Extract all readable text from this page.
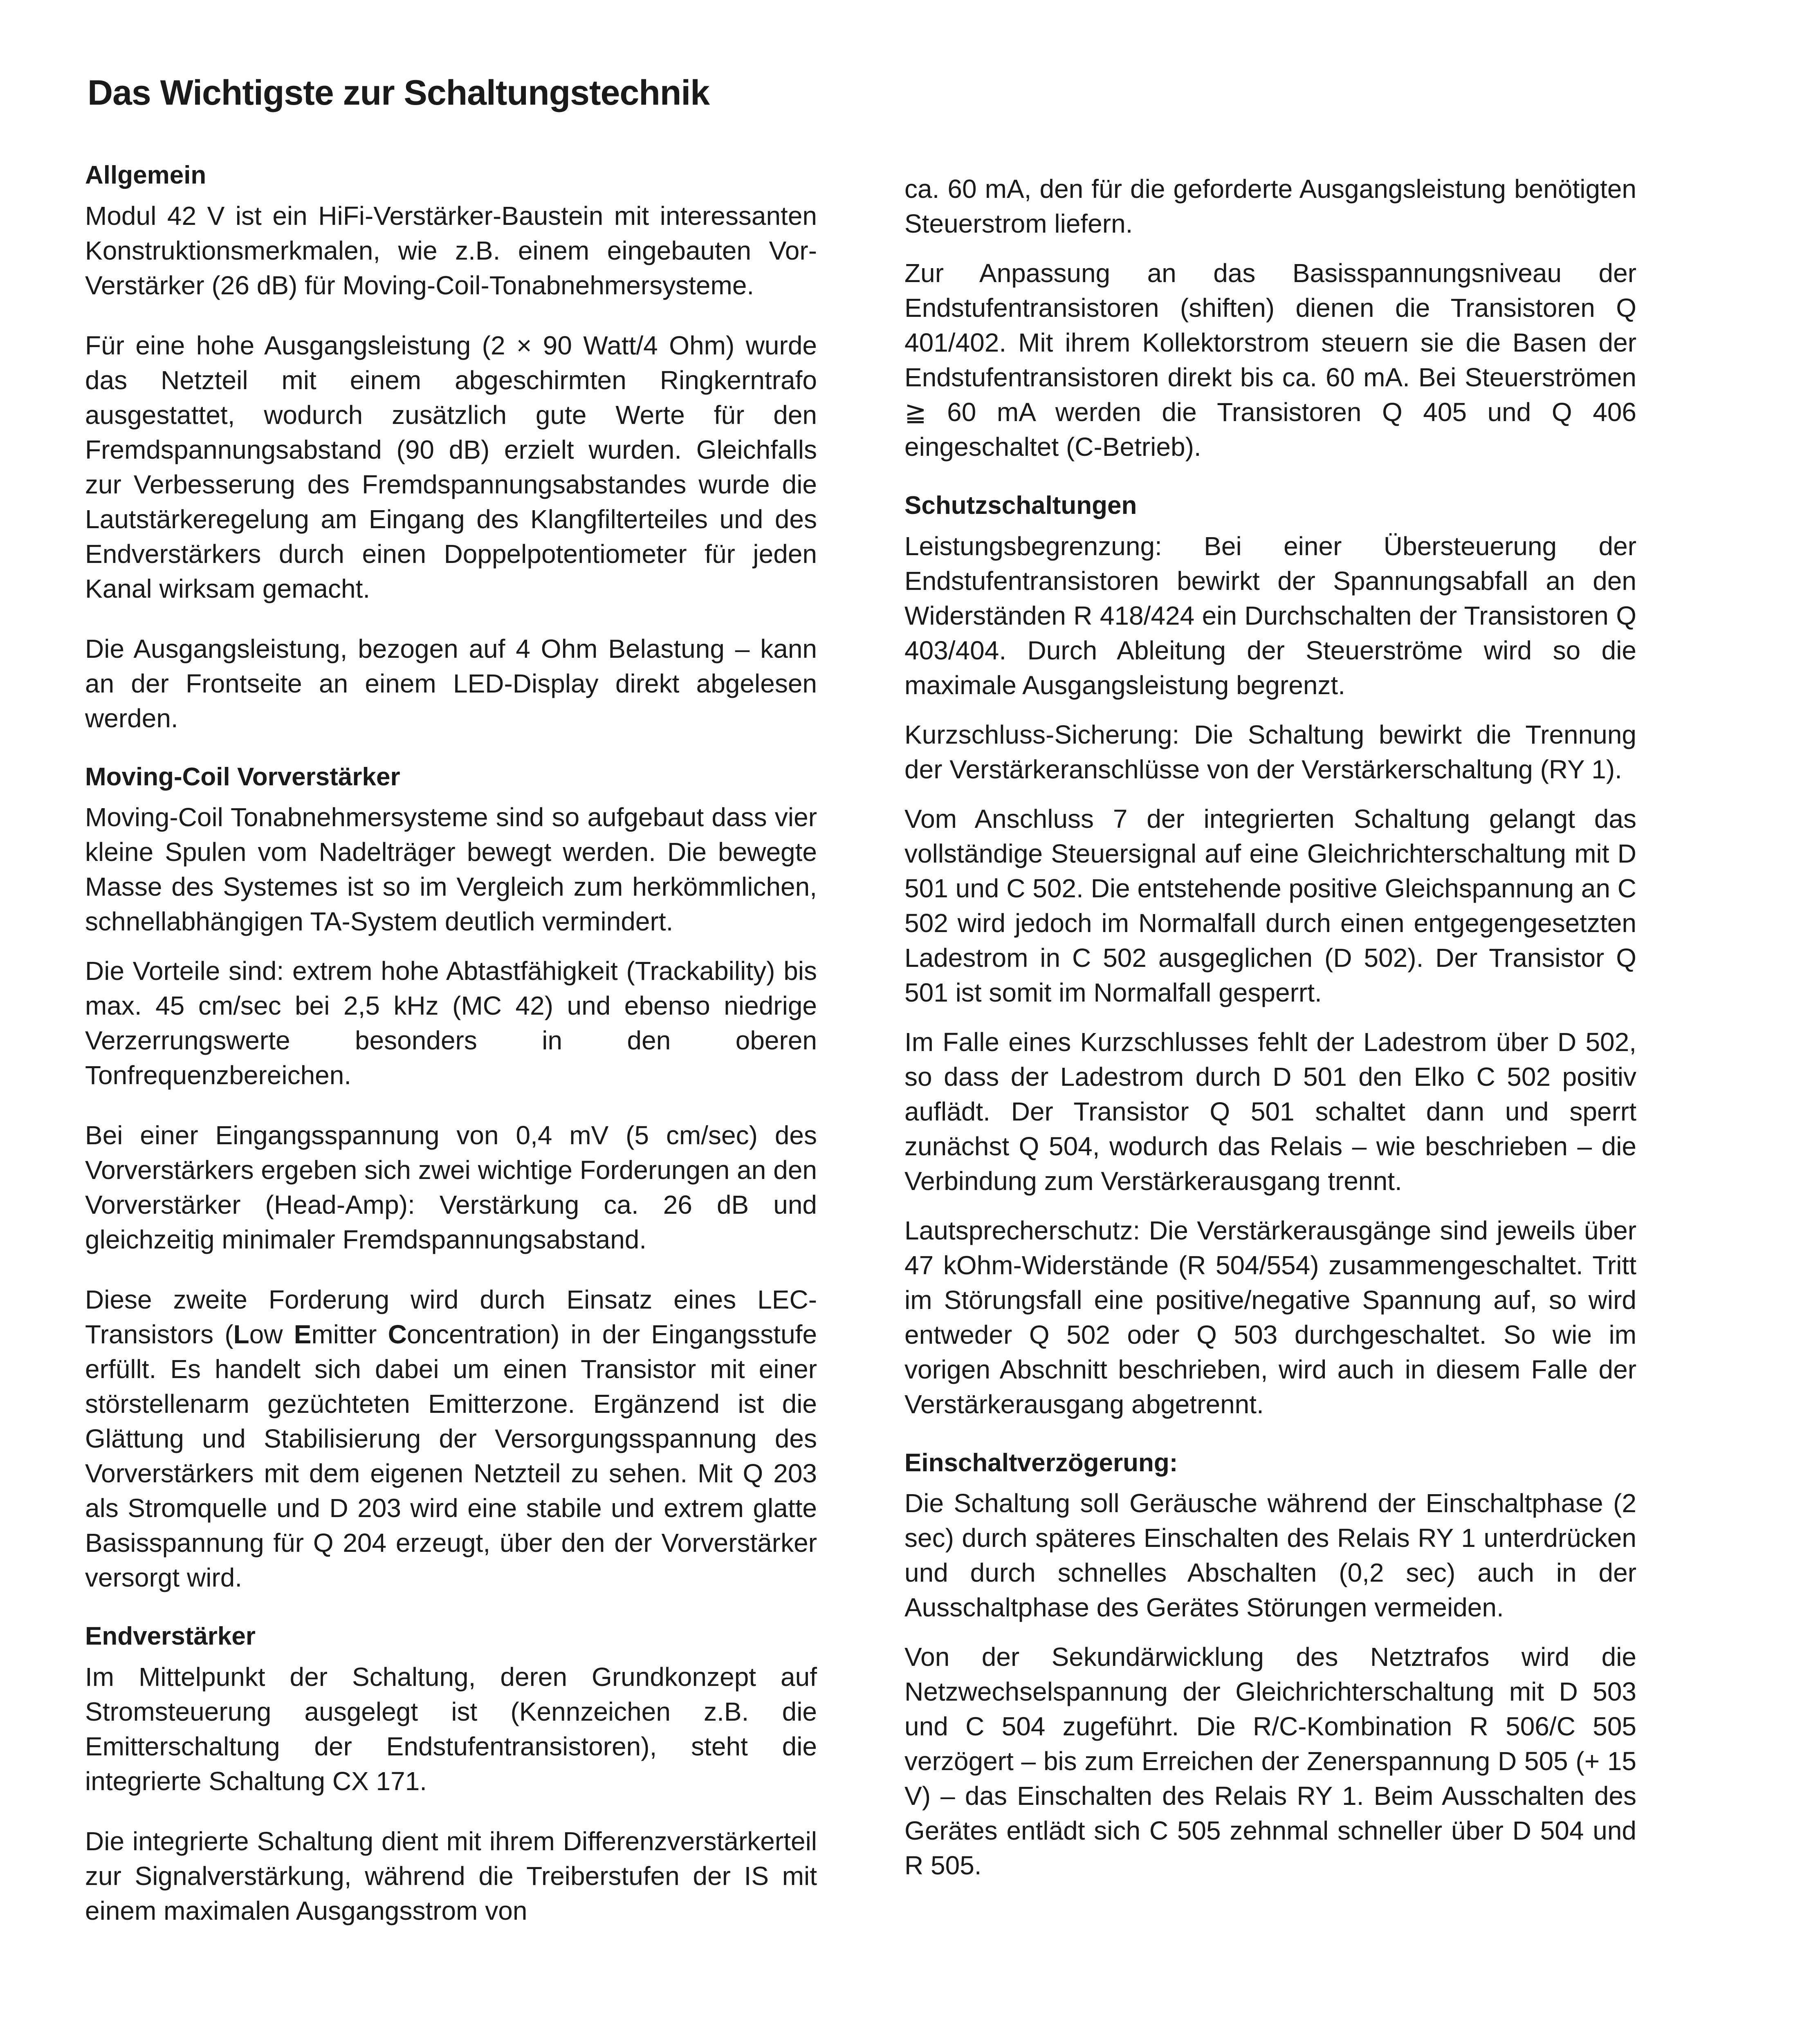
Das Wichtigste zur Schaltungstechnik
Allgemein

Modul 42 V ist ein HiFi-Verstärker-Baustein mit interessanten Konstruktionsmerkmalen, wie z.B. einem eingebauten Vor-Verstärker (26 dB) für Moving-Coil-Tonabnehmersysteme.

Für eine hohe Ausgangsleistung (2 × 90 Watt/4 Ohm) wurde das Netzteil mit einem abgeschirmten Ringkerntrafo ausgestattet, wodurch zusätzlich gute Werte für den Fremdspannungsabstand (90 dB) erzielt wurden. Gleichfalls zur Verbesserung des Fremdspannungsabstandes wurde die Lautstärkeregelung am Eingang des Klangfilterteiles und des Endverstärkers durch einen Doppelpotentiometer für jeden Kanal wirksam gemacht.

Die Ausgangsleistung, bezogen auf 4 Ohm Belastung – kann an der Frontseite an einem LED-Display direkt abgelesen werden.

Moving-Coil Vorverstärker

Moving-Coil Tonabnehmersysteme sind so aufgebaut dass vier kleine Spulen vom Nadelträger bewegt werden. Die bewegte Masse des Systemes ist so im Vergleich zum herkömmlichen, schnellabhängigen TA-System deutlich vermindert.

Die Vorteile sind: extrem hohe Abtastfähigkeit (Trackability) bis max. 45 cm/sec bei 2,5 kHz (MC 42) und ebenso niedrige Verzerrungswerte besonders in den oberen Tonfrequenzbereichen.

Bei einer Eingangsspannung von 0,4 mV (5 cm/sec) des Vorverstärkers ergeben sich zwei wichtige Forderungen an den Vorverstärker (Head-Amp): Verstärkung ca. 26 dB und gleichzeitig minimaler Fremdspannungsabstand.

Diese zweite Forderung wird durch Einsatz eines LEC-Transistors (Low Emitter Concentration) in der Eingangsstufe erfüllt. Es handelt sich dabei um einen Transistor mit einer störstellenarm gezüchteten Emitterzone. Ergänzend ist die Glättung und Stabilisierung der Versorgungsspannung des Vorverstärkers mit dem eigenen Netzteil zu sehen. Mit Q 203 als Stromquelle und D 203 wird eine stabile und extrem glatte Basisspannung für Q 204 erzeugt, über den der Vorverstärker versorgt wird.

Endverstärker

Im Mittelpunkt der Schaltung, deren Grundkonzept auf Stromsteuerung ausgelegt ist (Kennzeichen z.B. die Emitterschaltung der Endstufentransistoren), steht die integrierte Schaltung CX 171.

Die integrierte Schaltung dient mit ihrem Differenzverstärkerteil zur Signalverstärkung, während die Treiberstufen der IS mit einem maximalen Ausgangsstrom von

ca. 60 mA, den für die geforderte Ausgangsleistung benötigten Steuerstrom liefern.

Zur Anpassung an das Basisspannungsniveau der Endstufentransistoren (shiften) dienen die Transistoren Q 401/402. Mit ihrem Kollektorstrom steuern sie die Basen der Endstufentransistoren direkt bis ca. 60 mA. Bei Steuerströmen ≧ 60 mA werden die Transistoren Q 405 und Q 406 eingeschaltet (C-Betrieb).

Schutzschaltungen

Leistungsbegrenzung: Bei einer Übersteuerung der Endstufentransistoren bewirkt der Spannungsabfall an den Widerständen R 418/424 ein Durchschalten der Transistoren Q 403/404. Durch Ableitung der Steuerströme wird so die maximale Ausgangsleistung begrenzt.

Kurzschluss-Sicherung: Die Schaltung bewirkt die Trennung der Verstärkeranschlüsse von der Verstärkerschaltung (RY 1).

Vom Anschluss 7 der integrierten Schaltung gelangt das vollständige Steuersignal auf eine Gleichrichterschaltung mit D 501 und C 502. Die entstehende positive Gleichspannung an C 502 wird jedoch im Normalfall durch einen entgegengesetzten Ladestrom in C 502 ausgeglichen (D 502). Der Transistor Q 501 ist somit im Normalfall gesperrt.

Im Falle eines Kurzschlusses fehlt der Ladestrom über D 502, so dass der Ladestrom durch D 501 den Elko C 502 positiv auflädt. Der Transistor Q 501 schaltet dann und sperrt zunächst Q 504, wodurch das Relais – wie beschrieben – die Verbindung zum Verstärkerausgang trennt.

Lautsprecherschutz: Die Verstärkerausgänge sind jeweils über 47 kOhm-Widerstände (R 504/554) zusammengeschaltet. Tritt im Störungsfall eine positive/negative Spannung auf, so wird entweder Q 502 oder Q 503 durchgeschaltet. So wie im vorigen Abschnitt beschrieben, wird auch in diesem Falle der Verstärkerausgang abgetrennt.

Einschaltverzögerung:

Die Schaltung soll Geräusche während der Einschaltphase (2 sec) durch späteres Einschalten des Relais RY 1 unterdrücken und durch schnelles Abschalten (0,2 sec) auch in der Ausschaltphase des Gerätes Störungen vermeiden.

Von der Sekundärwicklung des Netztrafos wird die Netzwechselspannung der Gleichrichterschaltung mit D 503 und C 504 zugeführt. Die R/C-Kombination R 506/C 505 verzögert – bis zum Erreichen der Zenerspannung D 505 (+ 15 V) – das Einschalten des Relais RY 1. Beim Ausschalten des Gerätes entlädt sich C 505 zehnmal schneller über D 504 und R 505.
